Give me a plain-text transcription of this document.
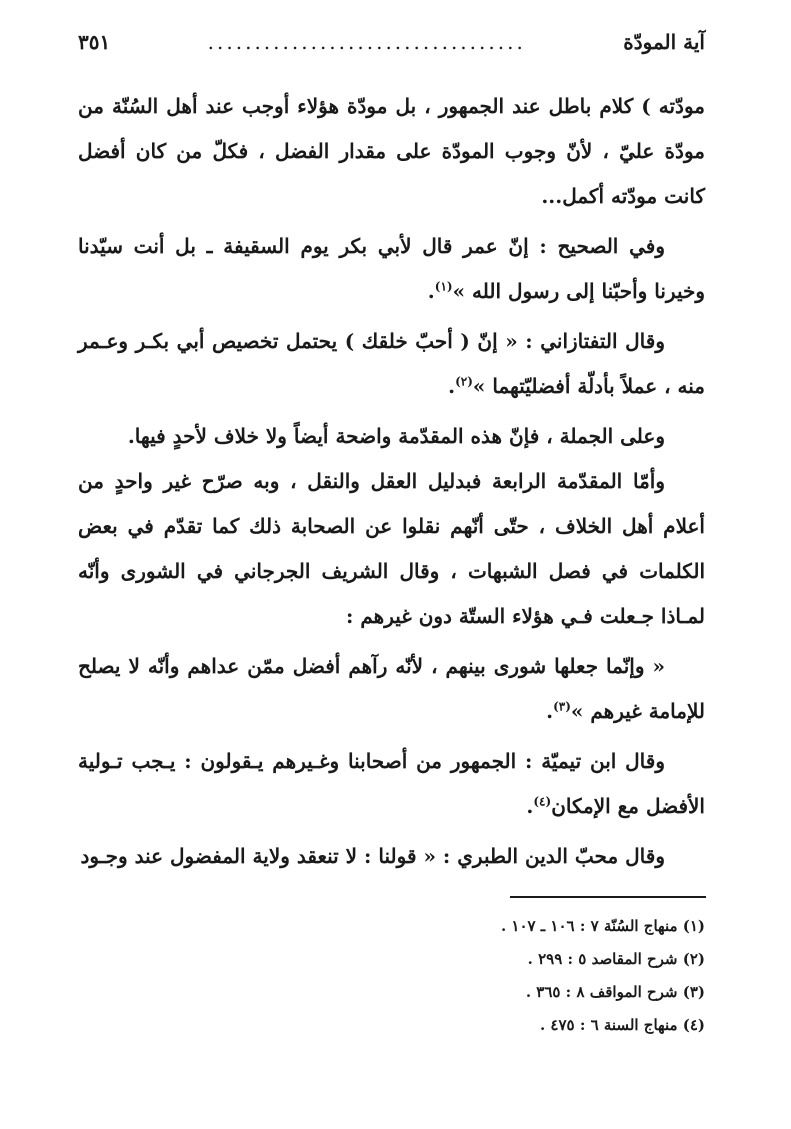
آية المودّة
..................................
٣٥١

مودّته ) كلام باطل عند الجمهور ، بل مودّة هؤلاء أوجب عند أهل السُنّة من مودّة عليّ ، لأنّ وجوب المودّة على مقدار الفضل ، فكلّ من كان أفضل كانت مودّته أكمل...

وفي الصحيح : إنّ عمر قال لأبي بكر يوم السقيفة ـ بل أنت سيّدنا وخيرنا وأحبّنا إلى رسول الله »$^{(١)}$.

وقال التفتازاني : « إنّ ( أحبّ خلقك ) يحتمل تخصيص أبي بكـر وعـمر منه ، عملاً بأدلّة أفضليّتهما »$^{(٢)}$.

وعلى الجملة ، فإنّ هذه المقدّمة واضحة أيضاً ولا خلاف لأحدٍ فيها.

وأمّا المقدّمة الرابعة فبدليل العقل والنقل ، وبه صرّح غير واحدٍ من أعلام أهل الخلاف ، حتّى أنّهم نقلوا عن الصحابة ذلك كما تقدّم في بعض الكلمات في فصل الشبهات ، وقال الشريف الجرجاني في الشورى وأنّه لمـاذا جـعلت فـي هؤلاء الستّة دون غيرهم :

« وإنّما جعلها شورى بينهم ، لأنّه رآهم أفضل ممّن عداهم وأنّه لا يصلح للإمامة غيرهم »$^{(٣)}$.

وقال ابن تيميّة : الجمهور من أصحابنا وغـيرهم يـقولون : يـجب تـولية الأفضل مع الإمكان$^{(٤)}$.

وقال محبّ الدين الطبري : « قولنا : لا تنعقد ولاية المفضول عند وجـود

(١) منهاج السُنّة ٧ : ١٠٦ ـ ١٠٧ .
(٢) شرح المقاصد ٥ : ٢٩٩ .
(٣) شرح المواقف ٨ : ٣٦٥ .
(٤) منهاج السنة ٦ : ٤٧٥ .
